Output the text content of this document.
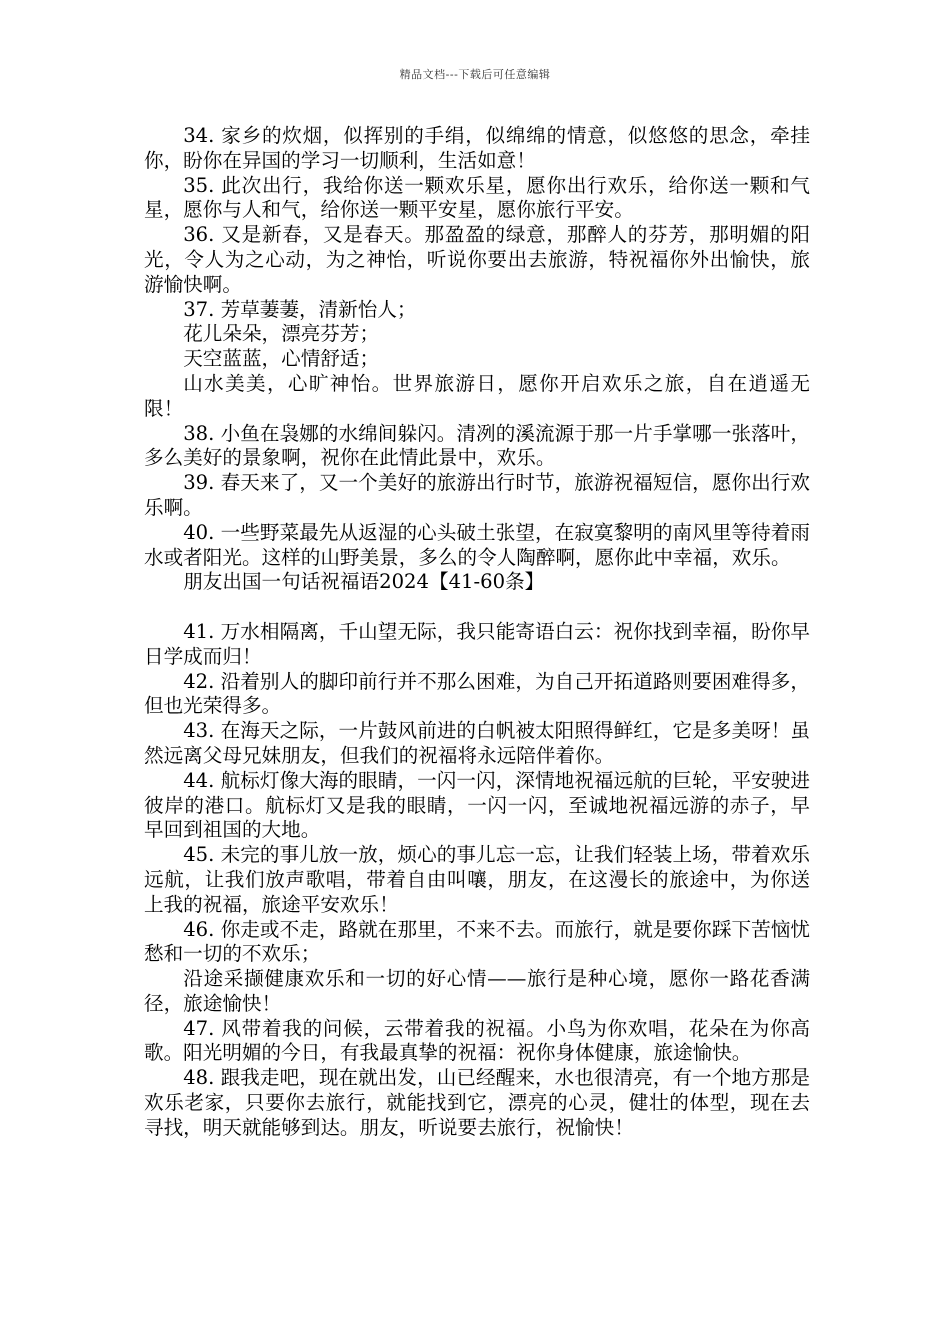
精品文档---下载后可任意编辑

34. 家乡的炊烟，似挥别的手绢，似绵绵的情意，似悠悠的思念，牵挂你，盼你在异国的学习一切顺利，生活如意！

35. 此次出行，我给你送一颗欢乐星，愿你出行欢乐，给你送一颗和气星，愿你与人和气，给你送一颗平安星，愿你旅行平安。

36. 又是新春，又是春天。那盈盈的绿意，那醉人的芬芳，那明媚的阳光，令人为之心动，为之神怡，听说你要出去旅游，特祝福你外出愉快，旅游愉快啊。

37. 芳草萋萋，清新怡人；

花儿朵朵，漂亮芬芳；

天空蓝蓝，心情舒适；

山水美美，心旷神怡。世界旅游日，愿你开启欢乐之旅，自在逍遥无限！

38. 小鱼在袅娜的水绵间躲闪。清冽的溪流源于那一片手掌哪一张落叶，多么美好的景象啊，祝你在此情此景中，欢乐。

39. 春天来了，又一个美好的旅游出行时节，旅游祝福短信，愿你出行欢乐啊。

40. 一些野菜最先从返湿的心头破土张望，在寂寞黎明的南风里等待着雨水或者阳光。这样的山野美景，多么的令人陶醉啊，愿你此中幸福，欢乐。

朋友出国一句话祝福语2024【41-60条】

41. 万水相隔离，千山望无际，我只能寄语白云：祝你找到幸福，盼你早日学成而归！

42. 沿着别人的脚印前行并不那么困难，为自己开拓道路则要困难得多，但也光荣得多。

43. 在海天之际，一片鼓风前进的白帆被太阳照得鲜红，它是多美呀！虽然远离父母兄妹朋友，但我们的祝福将永远陪伴着你。

44. 航标灯像大海的眼睛，一闪一闪，深情地祝福远航的巨轮，平安驶进彼岸的港口。航标灯又是我的眼睛，一闪一闪，至诚地祝福远游的赤子，早早回到祖国的大地。

45. 未完的事儿放一放，烦心的事儿忘一忘，让我们轻装上场，带着欢乐远航，让我们放声歌唱，带着自由叫嚷，朋友，在这漫长的旅途中，为你送上我的祝福，旅途平安欢乐！

46. 你走或不走，路就在那里，不来不去。而旅行，就是要你踩下苦恼忧愁和一切的不欢乐；

沿途采撷健康欢乐和一切的好心情——旅行是种心境，愿你一路花香满径，旅途愉快！

47. 风带着我的问候，云带着我的祝福。小鸟为你欢唱，花朵在为你高歌。阳光明媚的今日，有我最真挚的祝福：祝你身体健康，旅途愉快。

48. 跟我走吧，现在就出发，山已经醒来，水也很清亮，有一个地方那是欢乐老家，只要你去旅行，就能找到它，漂亮的心灵，健壮的体型，现在去寻找，明天就能够到达。朋友，听说要去旅行，祝愉快！
